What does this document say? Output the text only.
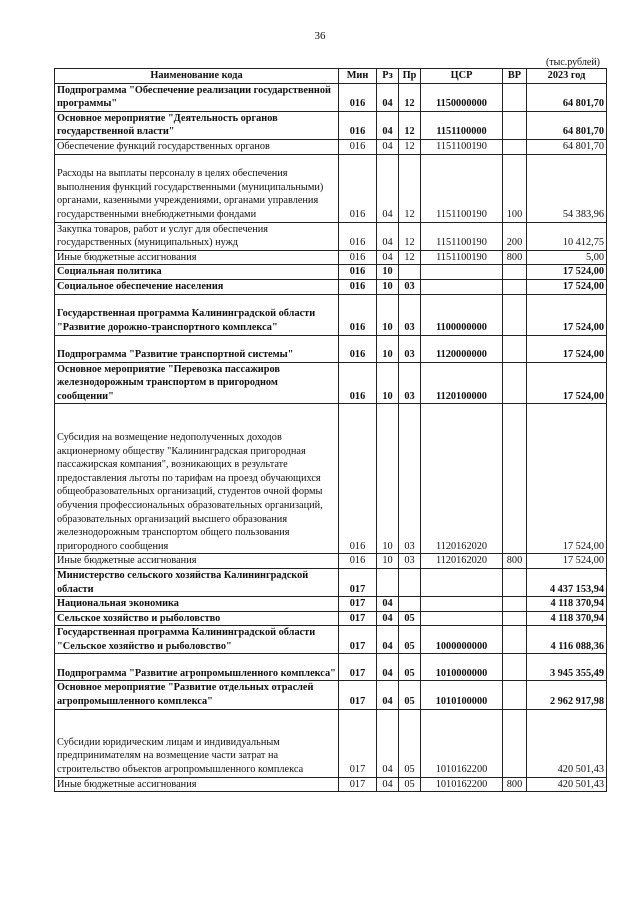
36
(тыс.рублей)
Наименование кода	Мин	Рз	Пр	ЦСР	ВР	2023 год
Подпрограмма "Обеспечение реализации государственной программы"	016	04	12	1150000000		64 801,70
Основное мероприятие "Деятельность органов государственной власти"	016	04	12	1151100000		64 801,70
Обеспечение функций государственных органов	016	04	12	1151100190		64 801,70
Расходы на выплаты персоналу в целях обеспечения выполнения функций государственными (муниципальными) органами, казенными учреждениями, органами управления государственными внебюджетными фондами	016	04	12	1151100190	100	54 383,96
Закупка товаров, работ и услуг для обеспечения государственных (муниципальных) нужд	016	04	12	1151100190	200	10 412,75
Иные бюджетные ассигнования	016	04	12	1151100190	800	5,00
Социальная политика	016	10				17 524,00
Социальное обеспечение населения	016	10	03			17 524,00
Государственная программа Калининградской области "Развитие дорожно-транспортного комплекса"	016	10	03	1100000000		17 524,00
Подпрограмма "Развитие транспортной системы"	016	10	03	1120000000		17 524,00
Основное мероприятие "Перевозка пассажиров железнодорожным транспортом в пригородном сообщении"	016	10	03	1120100000		17 524,00
Субсидия на возмещение недополученных доходов акционерному обществу "Калининградская пригородная пассажирская компания", возникающих в результате предоставления льготы по тарифам на проезд обучающихся общеобразовательных организаций, студентов очной формы обучения профессиональных образовательных организаций, образовательных организаций высшего образования железнодорожным транспортом общего пользования пригородного сообщения	016	10	03	1120162020		17 524,00
Иные бюджетные ассигнования	016	10	03	1120162020	800	17 524,00
Министерство сельского хозяйства Калининградской области	017					4 437 153,94
Национальная экономика	017	04				4 118 370,94
Сельское хозяйство и рыболовство	017	04	05			4 118 370,94
Государственная программа Калининградской области "Сельское хозяйство и рыболовство"	017	04	05	1000000000		4 116 088,36
Подпрограмма "Развитие агропромышленного комплекса"	017	04	05	1010000000		3 945 355,49
Основное мероприятие "Развитие отдельных отраслей агропромышленного комплекса"	017	04	05	1010100000		2 962 917,98
Субсидии юридическим лицам и индивидуальным предпринимателям на возмещение части затрат на строительство объектов агропромышленного комплекса	017	04	05	1010162200		420 501,43
Иные бюджетные ассигнования	017	04	05	1010162200	800	420 501,43
